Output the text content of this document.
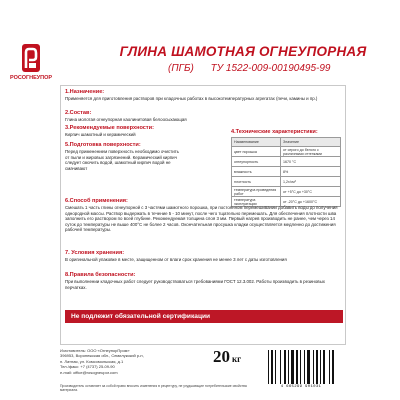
РОСОГНЕУПОР
ГЛИНА ШАМОТНАЯ ОГНЕУПОРНАЯ
(ПГБ) ТУ 1522-009-00190495-99
1.Назначение:
Применяется для приготовления растворов при кладочных работах в высокотемпературных агрегатах (печи, камины и пр.)
2.Состав:
Глина молотая огнеупорная каолинитовая белоосыхающая
3.Рекомендуемые поверхности:
Кирпич шамотный и керамический	4.Технические характеристики:
Наименование	Значение
цвет порошка	от серого до белого с различными оттенками
огнеупорность	1670 °С
влажность	8%
плотность	1,2г/см³
температура проведения работ	от +5°С до +30°С
температура эксплуатации	от -20°С до +1600°С
5.Подготовка поверхности:
Перед применением поверхность необходимо очистить от пыли и жировых загрязнений. Керамический кирпич следует смочить водой, шамотный кирпич водой не смачивают
6.Способ применения:
Смешать 1 часть глины огнеупорной с 3 частями шамотного порошка, при постоянном перемешивании добавить воды до получения однородной массы. Раствор выдержать в течение 5 - 10 минут, после чего тщательно перемешать. Для обеспечения плотности шва заполнить его раствором по всей глубине. Рекомендуемая толщина слоя 3 мм. Первый нагрев производить не ранее, чем через 14 суток до температуры не выше 400°С не более 2 часов. Окончательная просушка кладки осуществляется медленно до достижения рабочей температуры.
7. Условия хранения:
В оригинальной упаковке в месте, защищенном от влаги срок хранения не менее 3 лет с даты изготовления
8.Правила безопасности:
При выполнении кладочных работ следует руководствоваться требованиями ГОСТ 12.3.002. Работы производить в резиновых перчатках.
Не подлежит обязательной сертификации
Изготовитель: ООО «ОгнеупорПром»
396953, Воронежская обл., Семилукский р-н,
п. Латная, ул. Комсомольская, д.1
Тел./факс: +7 (4737) 25-09-90
e-mail: office@rosogneupor.com
20 кг
4 665299 901031
Производитель оставляет за собой право вносить изменения в рецептуру, не ухудшающие потребительские свойства материала.
